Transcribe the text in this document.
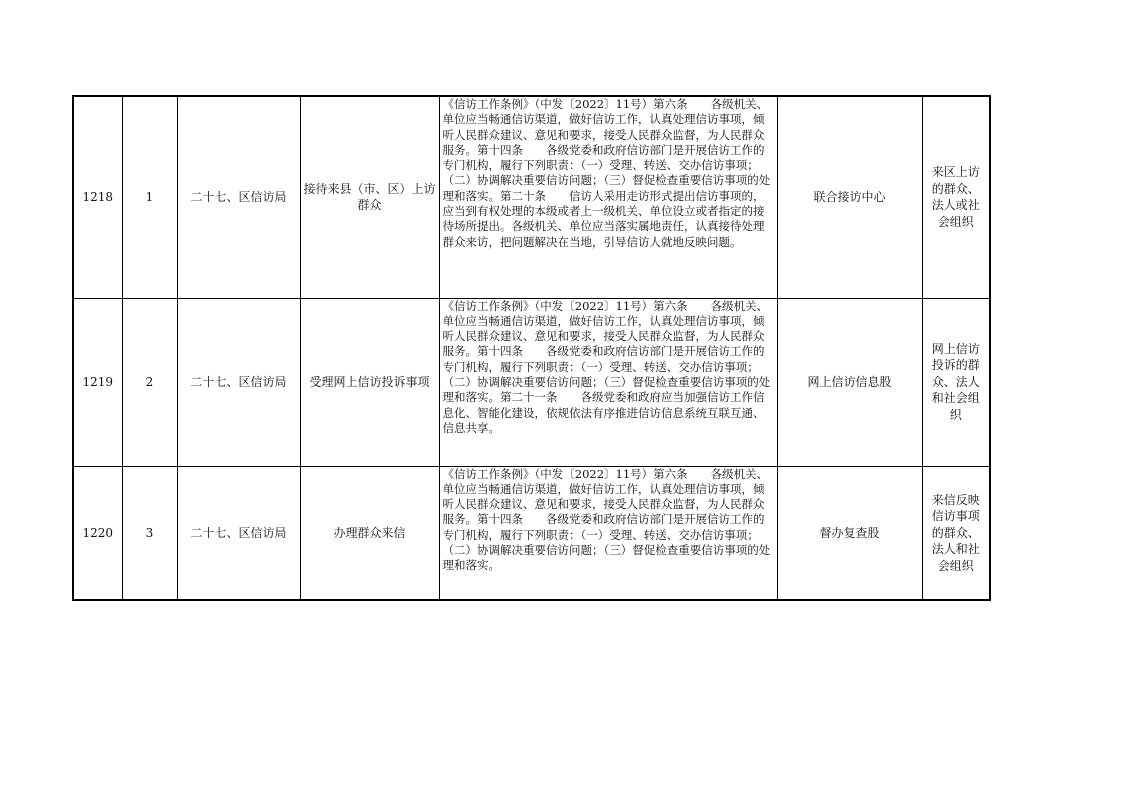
1218	1	二十七、区信访局	接待来县（市、区）上访群众	《信访工作条例》（中发〔2022〕11号）第六条　　各级机关、单位应当畅通信访渠道，做好信访工作，认真处理信访事项，倾听人民群众建议、意见和要求，接受人民群众监督，为人民群众服务。第十四条　　各级党委和政府信访部门是开展信访工作的专门机构，履行下列职责：（一）受理、转送、交办信访事项；（二）协调解决重要信访问题；（三）督促检查重要信访事项的处理和落实。第二十条　　信访人采用走访形式提出信访事项的，应当到有权处理的本级或者上一级机关、单位设立或者指定的接待场所提出。各级机关、单位应当落实属地责任，认真接待处理群众来访，把问题解决在当地，引导信访人就地反映问题。	联合接访中心	来区上访的群众、法人或社会组织
1219	2	二十七、区信访局	受理网上信访投诉事项	《信访工作条例》（中发〔2022〕11号）第六条　　各级机关、单位应当畅通信访渠道，做好信访工作，认真处理信访事项，倾听人民群众建议、意见和要求，接受人民群众监督，为人民群众服务。第十四条　　各级党委和政府信访部门是开展信访工作的专门机构，履行下列职责：（一）受理、转送、交办信访事项；（二）协调解决重要信访问题；（三）督促检查重要信访事项的处理和落实。第二十一条　　各级党委和政府应当加强信访工作信息化、智能化建设，依规依法有序推进信访信息系统互联互通、信息共享。	网上信访信息股	网上信访投诉的群众、法人和社会组织
1220	3	二十七、区信访局	办理群众来信	《信访工作条例》（中发〔2022〕11号）第六条　　各级机关、单位应当畅通信访渠道，做好信访工作，认真处理信访事项，倾听人民群众建议、意见和要求，接受人民群众监督，为人民群众服务。第十四条　　各级党委和政府信访部门是开展信访工作的专门机构，履行下列职责：（一）受理、转送、交办信访事项；（二）协调解决重要信访问题；（三）督促检查重要信访事项的处理和落实。	督办复查股	来信反映信访事项的群众、法人和社会组织
